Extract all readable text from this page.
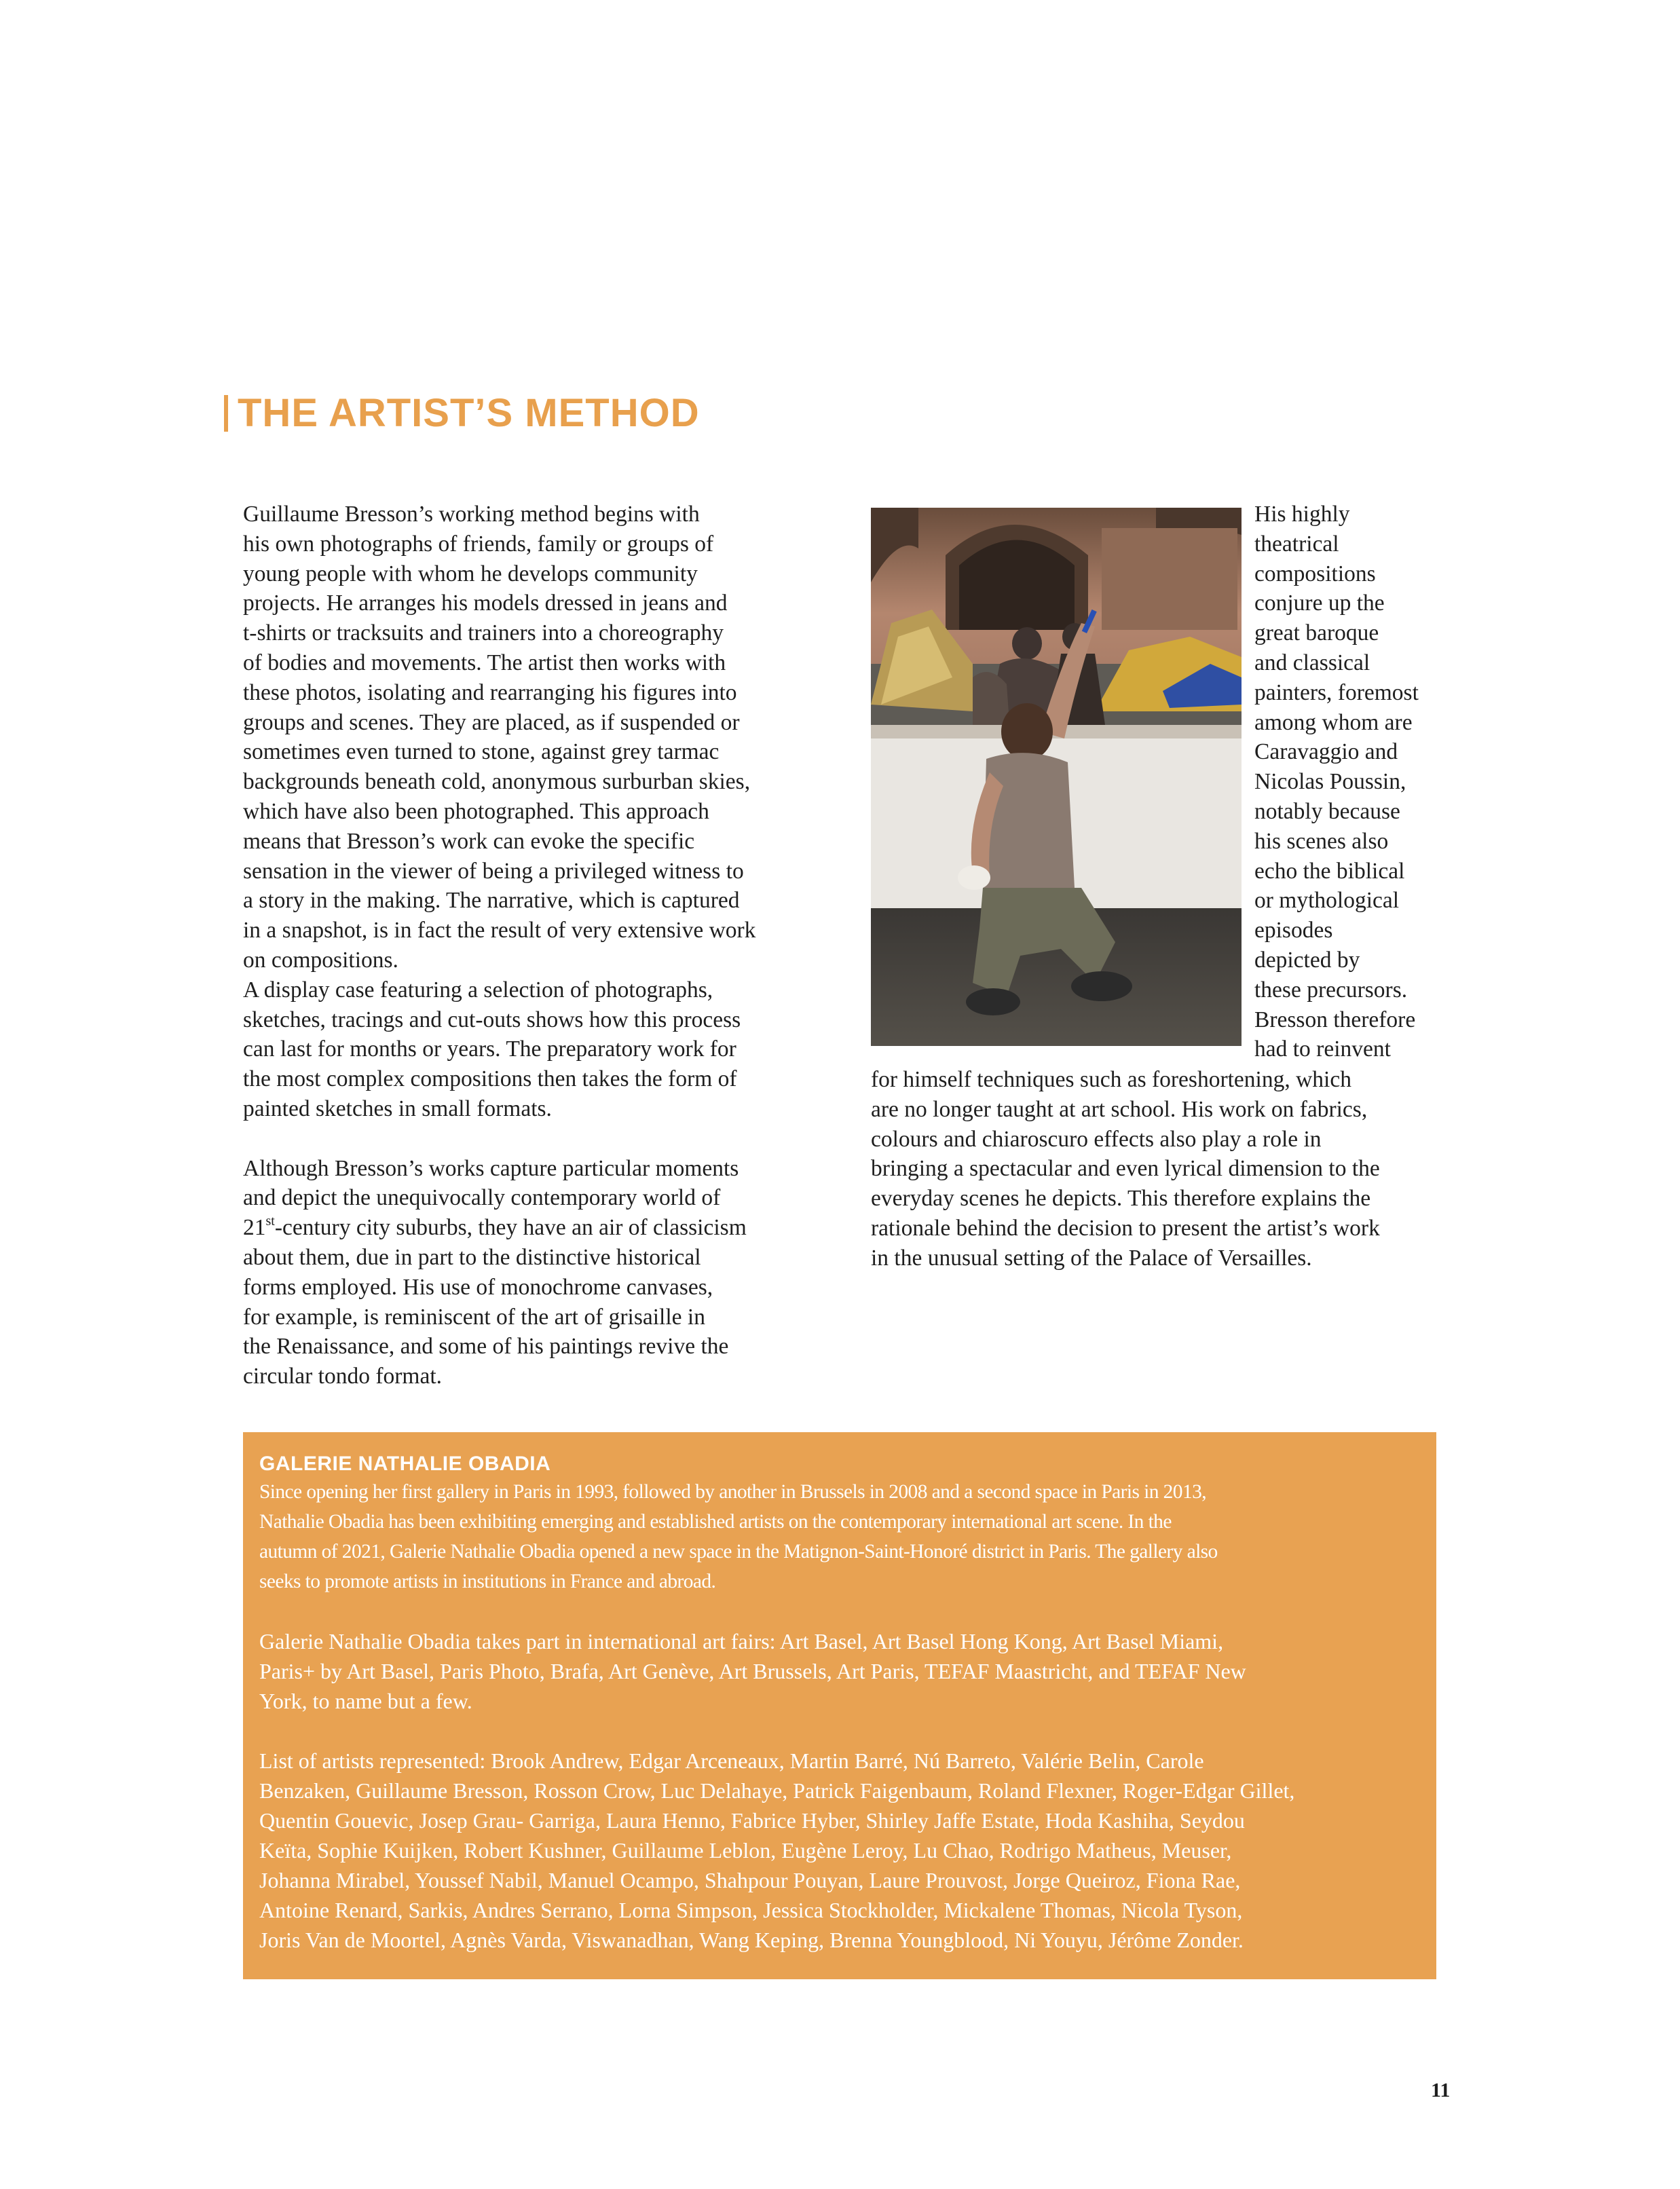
THE ARTIST’S METHOD

Guillaume Bresson’s working method begins with
his own photographs of friends, family or groups of
young people with whom he develops community
projects. He arranges his models dressed in jeans and
t-shirts or tracksuits and trainers into a choreography
of bodies and movements. The artist then works with
these photos, isolating and rearranging his figures into
groups and scenes. They are placed, as if suspended or
sometimes even turned to stone, against grey tarmac
backgrounds beneath cold, anonymous surburban skies,
which have also been photographed. This approach
means that Bresson’s work can evoke the specific
sensation in the viewer of being a privileged witness to
a story in the making. The narrative, which is captured
in a snapshot, is in fact the result of very extensive work
on compositions.

A display case featuring a selection of photographs,
sketches, tracings and cut-outs shows how this process
can last for months or years. The preparatory work for
the most complex compositions then takes the form of
painted sketches in small formats.

Although Bresson’s works capture particular moments
and depict the unequivocally contemporary world of
21st-century city suburbs, they have an air of classicism
about them, due in part to the distinctive historical
forms employed. His use of monochrome canvases,
for example, is reminiscent of the art of grisaille in
the Renaissance, and some of his paintings revive the
circular tondo format.

His highly
theatrical
compositions
conjure up the
great baroque
and classical
painters, foremost
among whom are
Caravaggio and
Nicolas Poussin,
notably because
his scenes also
echo the biblical
or mythological
episodes
depicted by
these precursors.
Bresson therefore
had to reinvent

for himself techniques such as foreshortening, which
are no longer taught at art school. His work on fabrics,
colours and chiaroscuro effects also play a role in
bringing a spectacular and even lyrical dimension to the
everyday scenes he depicts. This therefore explains the
rationale behind the decision to present the artist’s work
in the unusual setting of the Palace of Versailles.

GALERIE NATHALIE OBADIA

Since opening her first gallery in Paris in 1993, followed by another in Brussels in 2008 and a second space in Paris in 2013,
Nathalie Obadia has been exhibiting emerging and established artists on the contemporary international art scene. In the
autumn of 2021, Galerie Nathalie Obadia opened a new space in the Matignon-Saint-Honoré district in Paris. The gallery also
seeks to promote artists in institutions in France and abroad.

Galerie Nathalie Obadia takes part in international art fairs: Art Basel, Art Basel Hong Kong, Art Basel Miami,
Paris+ by Art Basel, Paris Photo, Brafa, Art Genève, Art Brussels, Art Paris, TEFAF Maastricht, and TEFAF New
York, to name but a few.

List of artists represented: Brook Andrew, Edgar Arceneaux, Martin Barré, Nú Barreto, Valérie Belin, Carole
Benzaken, Guillaume Bresson, Rosson Crow, Luc Delahaye, Patrick Faigenbaum, Roland Flexner, Roger-Edgar Gillet,
Quentin Gouevic, Josep Grau- Garriga, Laura Henno, Fabrice Hyber, Shirley Jaffe Estate, Hoda Kashiha, Seydou
Keïta, Sophie Kuijken, Robert Kushner, Guillaume Leblon, Eugène Leroy, Lu Chao, Rodrigo Matheus, Meuser,
Johanna Mirabel, Youssef Nabil, Manuel Ocampo, Shahpour Pouyan, Laure Prouvost, Jorge Queiroz, Fiona Rae,
Antoine Renard, Sarkis, Andres Serrano, Lorna Simpson, Jessica Stockholder, Mickalene Thomas, Nicola Tyson,
Joris Van de Moortel, Agnès Varda, Viswanadhan, Wang Keping, Brenna Youngblood, Ni Youyu, Jérôme Zonder.

11
